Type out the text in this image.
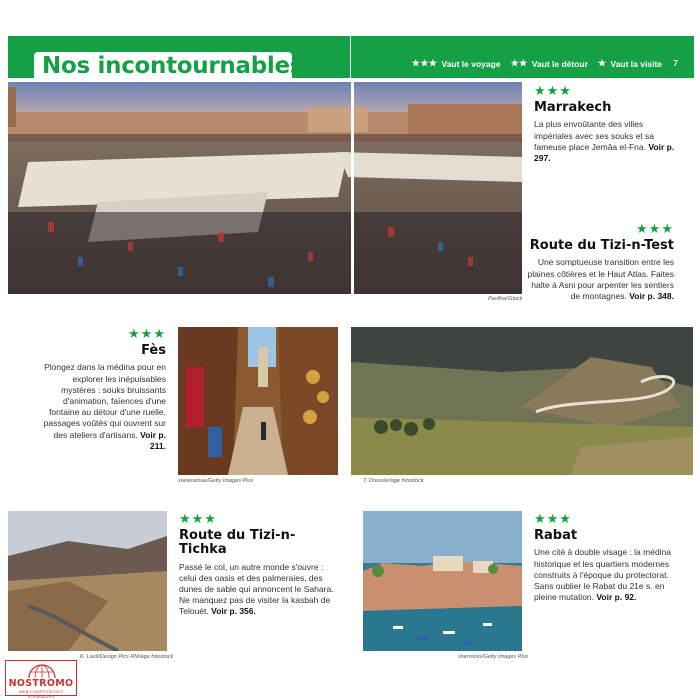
Nos incontournables	★★★ Vaut le voyage ★★ Vaut le détour ★ Vaut la visite 7
Pavliha/iStock
★★★
Marrakech
La plus envoûtante des villes impériales avec ses souks et sa fameuse place Jemâa el-Fna. Voir p. 297.
★★★
Route du Tizi-n-Test
Une somptueuse transition entre les plaines côtières et le Haut Atlas. Faites halte à Asni pour arpenter les sentiers de montagnes. Voir p. 348.
★★★
Fès
Plongez dans la médina pour en explorer les inépuisables mystères : souks bruissants d'animation, faïences d'une fontaine au détour d'une ruelle, passages voûtés qui ouvrent sur des ateliers d'artisans. Voir p. 211.
xavierarnau/Getty Images Plus	T. Dressler/age fotostock
K. Lavit/Design Pics RM/age fotostock
★★★
Route du Tizi-n-Tichka
Passé le col, un autre monde s'ouvre : celui des oasis et des palmeraies, des dunes de sable qui annoncent le Sahara. Ne manquez pas de visiter la kasbah de Telouèt. Voir p. 356.
sherrocks/Getty Images Plus
★★★
Rabat
Une cité à double visage : la médina historique et les quartiers modernes construits à l'époque du protectorat. Sans oublier le Rabat du 21e s. en pleine mutation. Voir p. 92.
NOSTROMO
WEB COMPTOIR DES VOYAGEURS
